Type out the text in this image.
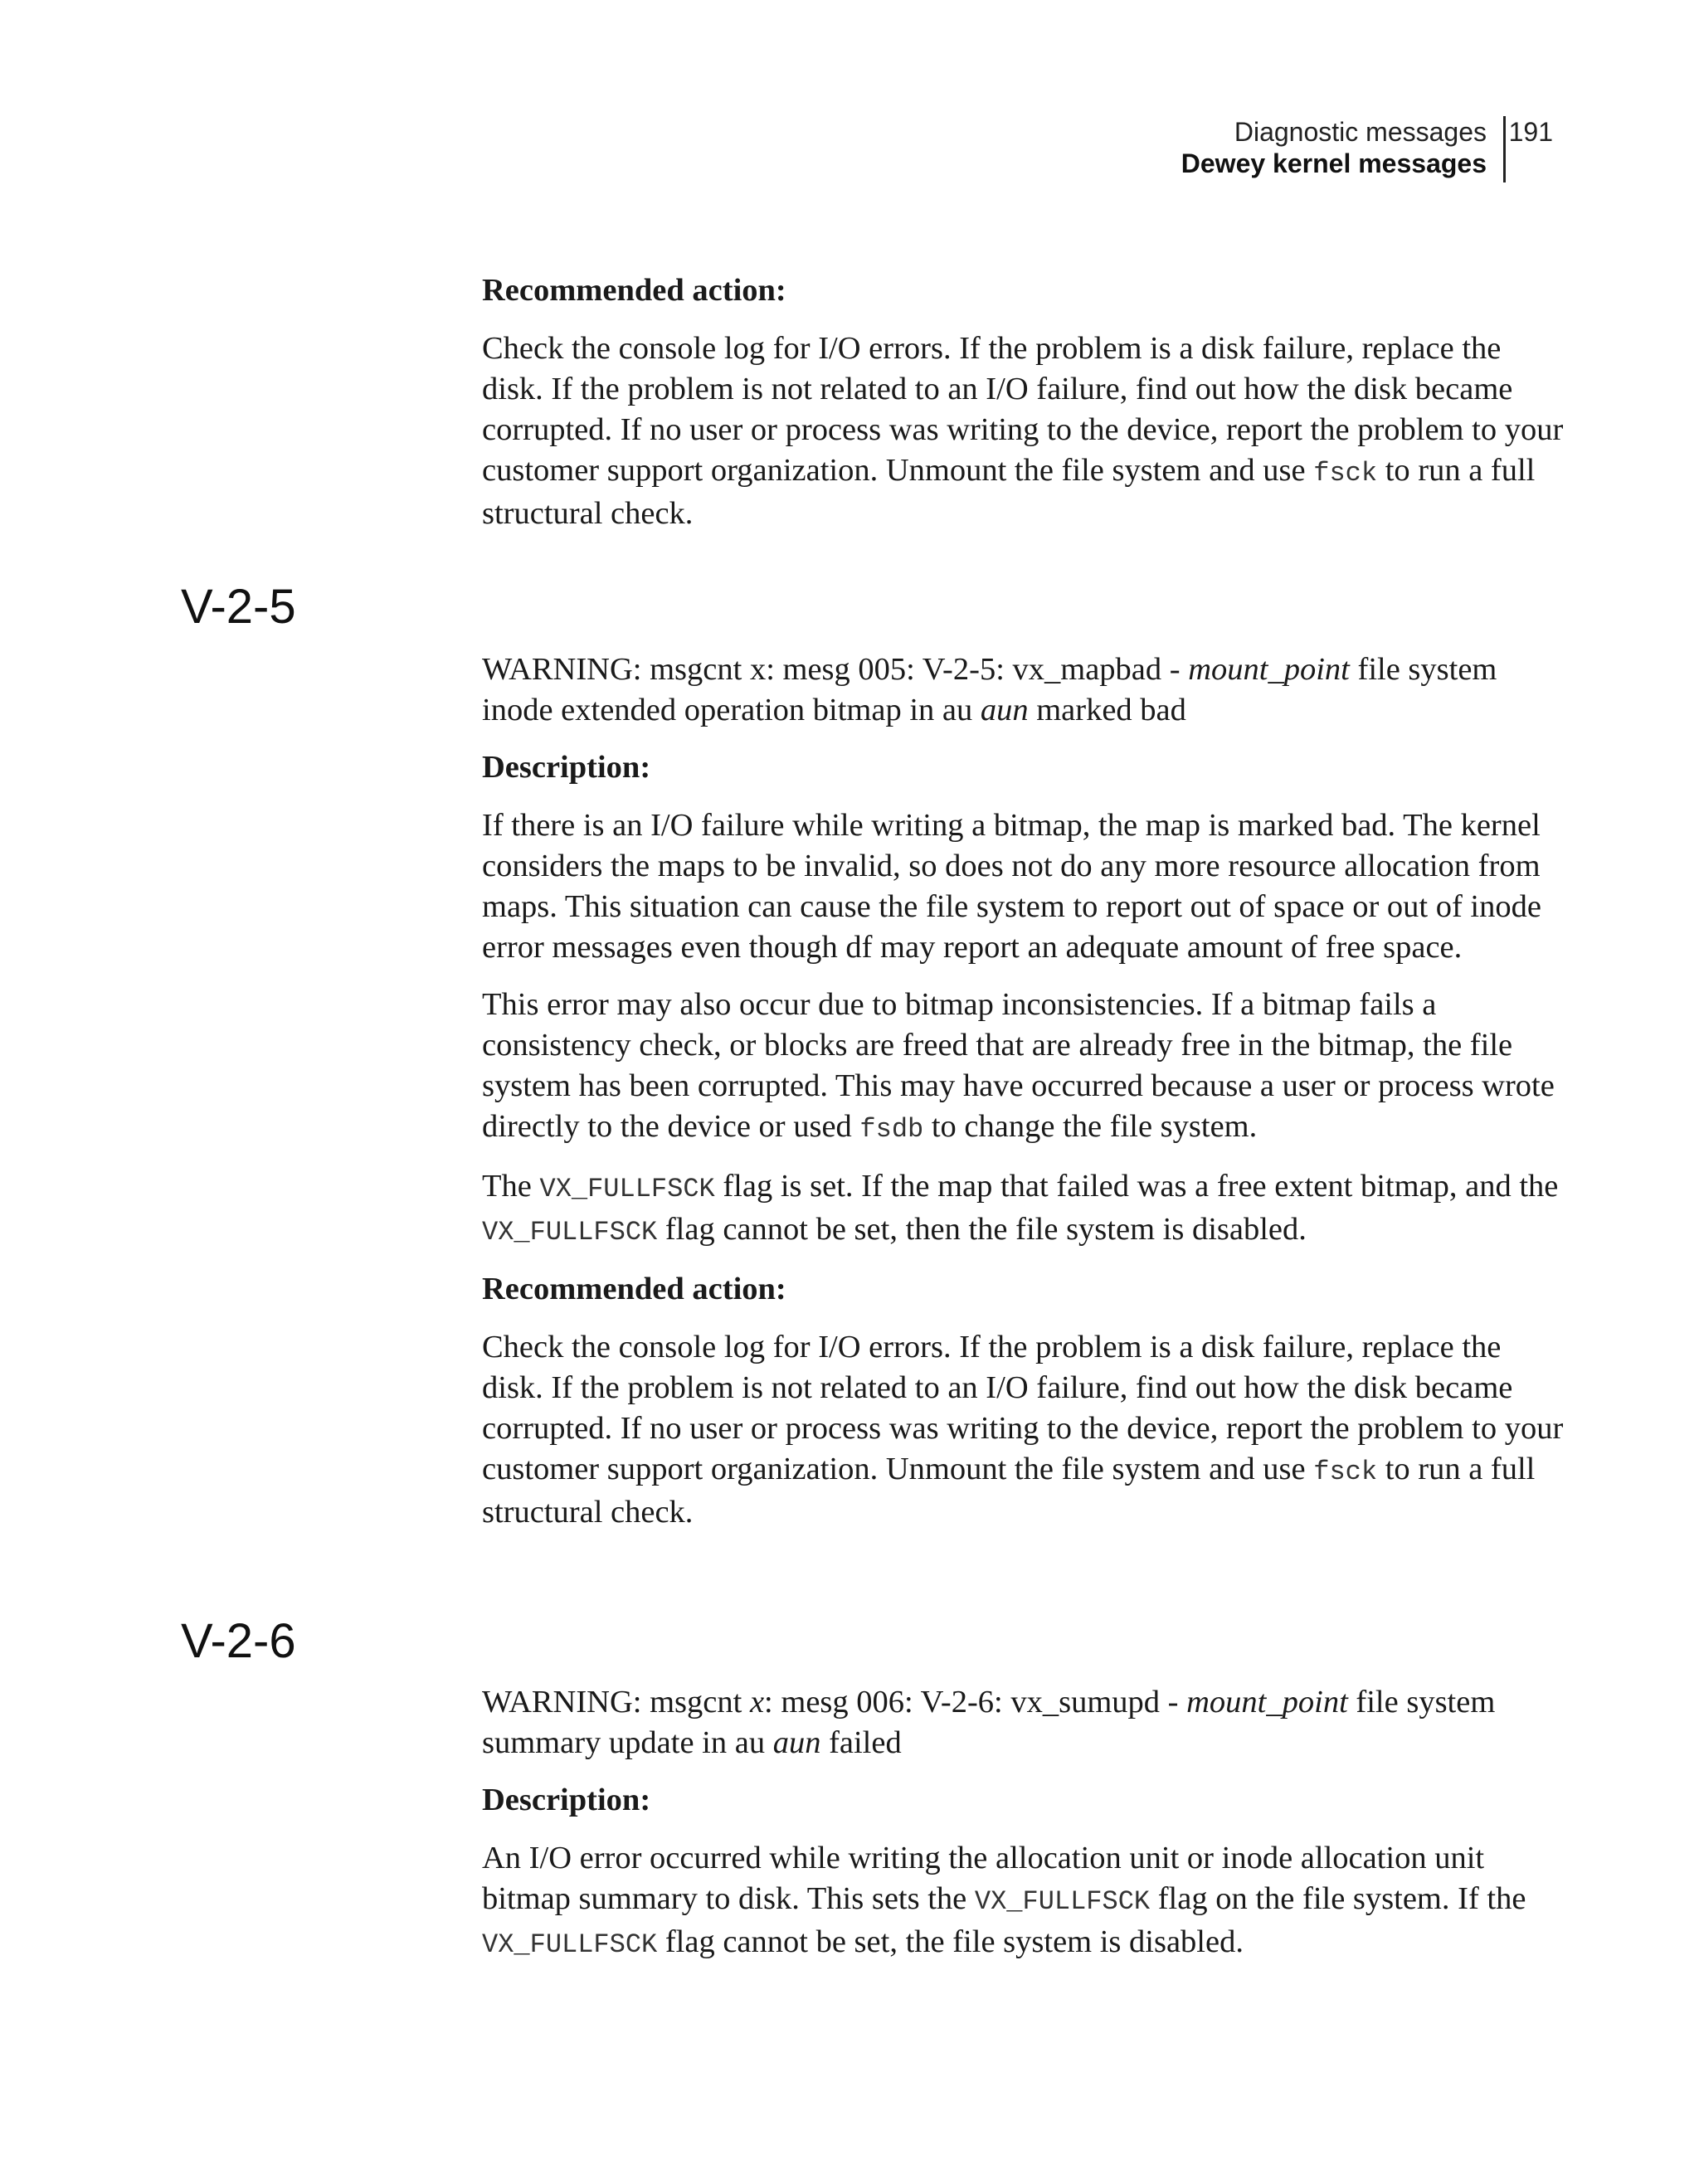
Diagnostic messages
Dewey kernel messages
191

Recommended action:

Check the console log for I/O errors. If the problem is a disk failure, replace the disk. If the problem is not related to an I/O failure, find out how the disk became corrupted. If no user or process was writing to the device, report the problem to your customer support organization. Unmount the file system and use fsck to run a full structural check.

V-2-5

WARNING: msgcnt x: mesg 005: V-2-5: vx_mapbad - mount_point file system inode extended operation bitmap in au aun marked bad

Description:

If there is an I/O failure while writing a bitmap, the map is marked bad. The kernel considers the maps to be invalid, so does not do any more resource allocation from maps. This situation can cause the file system to report out of space or out of inode error messages even though df may report an adequate amount of free space.

This error may also occur due to bitmap inconsistencies. If a bitmap fails a consistency check, or blocks are freed that are already free in the bitmap, the file system has been corrupted. This may have occurred because a user or process wrote directly to the device or used fsdb to change the file system.

The VX_FULLFSCK flag is set. If the map that failed was a free extent bitmap, and the VX_FULLFSCK flag cannot be set, then the file system is disabled.

Recommended action:

Check the console log for I/O errors. If the problem is a disk failure, replace the disk. If the problem is not related to an I/O failure, find out how the disk became corrupted. If no user or process was writing to the device, report the problem to your customer support organization. Unmount the file system and use fsck to run a full structural check.

V-2-6

WARNING: msgcnt x: mesg 006: V-2-6: vx_sumupd - mount_point file system summary update in au aun failed

Description:

An I/O error occurred while writing the allocation unit or inode allocation unit bitmap summary to disk. This sets the VX_FULLFSCK flag on the file system. If the VX_FULLFSCK flag cannot be set, the file system is disabled.
